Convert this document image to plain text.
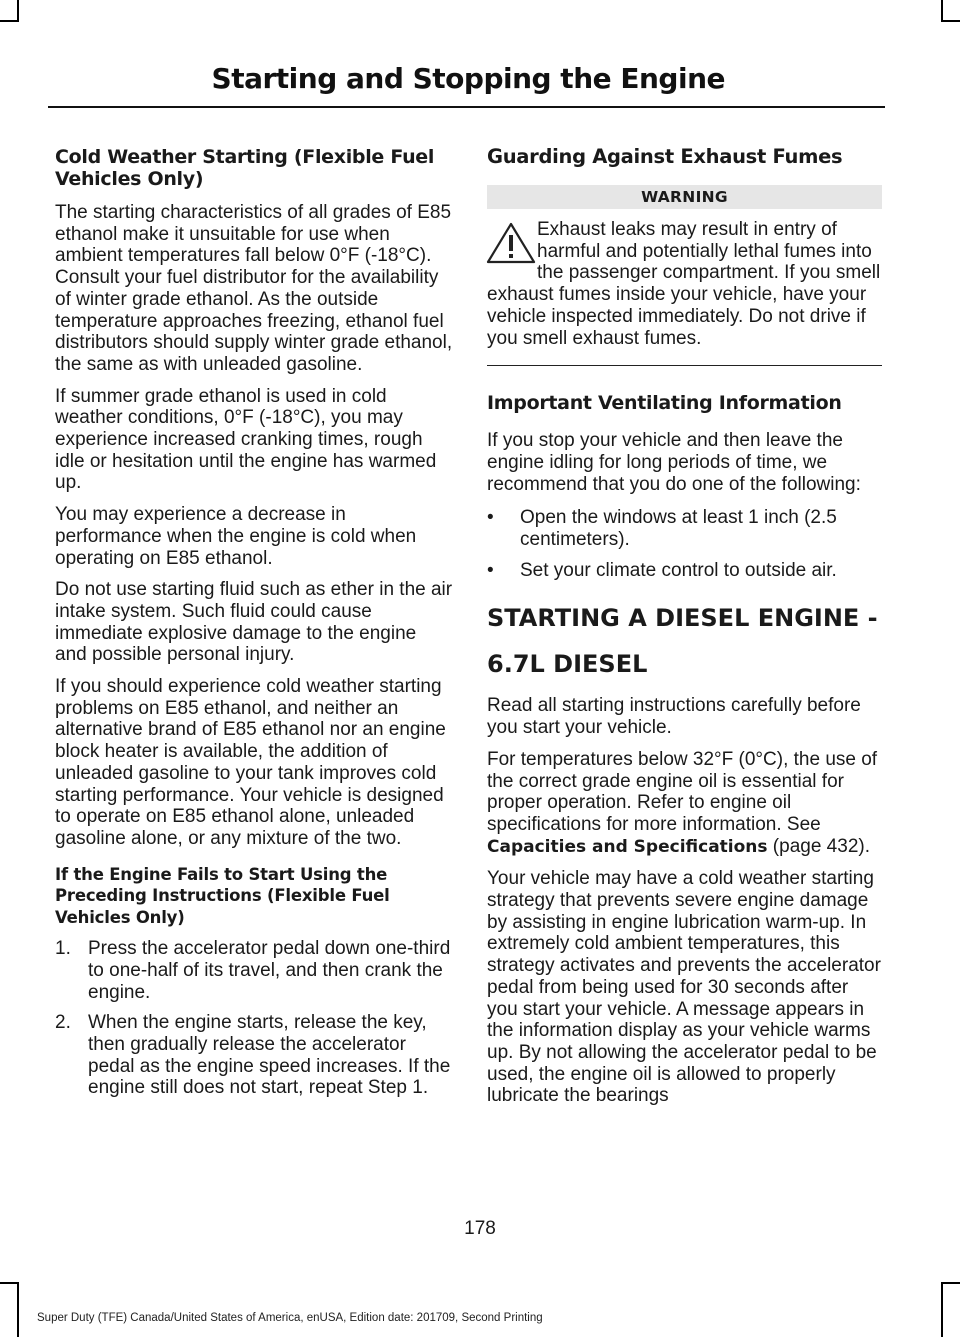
Starting and Stopping the Engine
Cold Weather Starting (Flexible Fuel Vehicles Only)

The starting characteristics of all grades of E85 ethanol make it unsuitable for use when ambient temperatures fall below 0°F (-18°C). Consult your fuel distributor for the availability of winter grade ethanol. As the outside temperature approaches freezing, ethanol fuel distributors should supply winter grade ethanol, the same as with unleaded gasoline.

If summer grade ethanol is used in cold weather conditions, 0°F (-18°C), you may experience increased cranking times, rough idle or hesitation until the engine has warmed up.

You may experience a decrease in performance when the engine is cold when operating on E85 ethanol.

Do not use starting fluid such as ether in the air intake system. Such fluid could cause immediate explosive damage to the engine and possible personal injury.

If you should experience cold weather starting problems on E85 ethanol, and neither an alternative brand of E85 ethanol nor an engine block heater is available, the addition of unleaded gasoline to your tank improves cold starting performance. Your vehicle is designed to operate on E85 ethanol alone, unleaded gasoline alone, or any mixture of the two.

If the Engine Fails to Start Using the Preceding Instructions (Flexible Fuel Vehicles Only)
1. Press the accelerator pedal down one-third to one-half of its travel, and then crank the engine.
2. When the engine starts, release the key, then gradually release the accelerator pedal as the engine speed increases. If the engine still does not start, repeat Step 1.
Guarding Against Exhaust Fumes
WARNING
Exhaust leaks may result in entry of harmful and potentially lethal fumes into the passenger compartment. If you smell exhaust fumes inside your vehicle, have your vehicle inspected immediately. Do not drive if you smell exhaust fumes.
Important Ventilating Information

If you stop your vehicle and then leave the engine idling for long periods of time, we recommend that you do one of the following:

• Open the windows at least 1 inch (2.5 centimeters).
• Set your climate control to outside air.
STARTING A DIESEL ENGINE -
6.7L DIESEL

Read all starting instructions carefully before you start your vehicle.

For temperatures below 32°F (0°C), the use of the correct grade engine oil is essential for proper operation. Refer to engine oil specifications for more information. See Capacities and Specifications (page 432).

Your vehicle may have a cold weather starting strategy that prevents severe engine damage by assisting in engine lubrication warm-up. In extremely cold ambient temperatures, this strategy activates and prevents the accelerator pedal from being used for 30 seconds after you start your vehicle. A message appears in the information display as your vehicle warms up. By not allowing the accelerator pedal to be used, the engine oil is allowed to properly lubricate the bearings

178
Super Duty (TFE) Canada/United States of America, enUSA, Edition date: 201709, Second Printing
